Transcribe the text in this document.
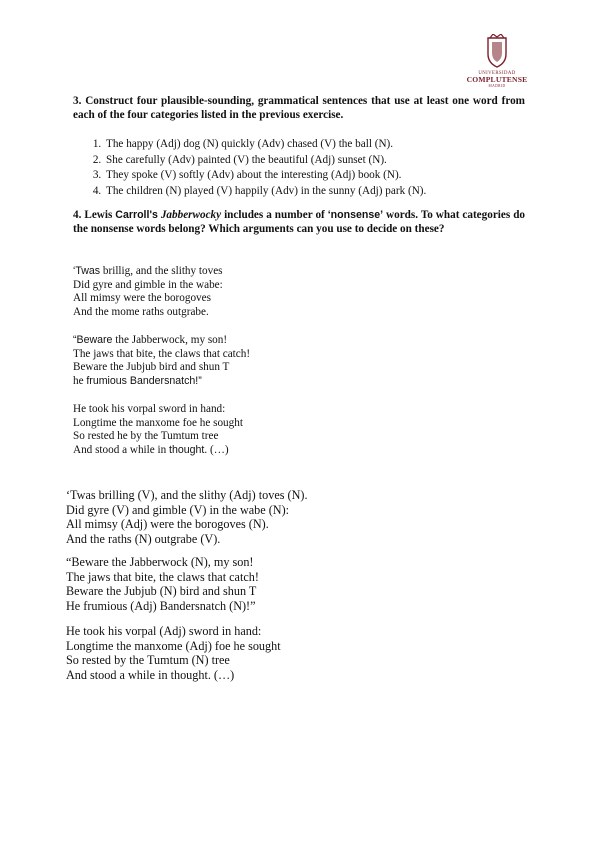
UNIVERSIDAD
COMPLUTENSE
MADRID
3. Construct four plausible-sounding, grammatical sentences that use at least one word from each of the four categories listed in the previous exercise.
1. The happy (Adj) dog (N) quickly (Adv) chased (V) the ball (N).
2. She carefully (Adv) painted (V) the beautiful (Adj) sunset (N).
3. They spoke (V) softly (Adv) about the interesting (Adj) book (N).
4. The children (N) played (V) happily (Adv) in the sunny (Adj) park (N).
4. Lewis Carroll's Jabberwocky includes a number of ‘nonsense’ words. To what categories do the nonsense words belong? Which arguments can you use to decide on these?
‘Twas brillig, and the slithy toves
Did gyre and gimble in the wabe:
All mimsy were the borogoves
And the mome raths outgrabe.
“Beware the Jabberwock, my son!
The jaws that bite, the claws that catch!
Beware the Jubjub bird and shun T
he frumious Bandersnatch!”
He took his vorpal sword in hand:
Longtime the manxome foe he sought
So rested he by the Tumtum tree
And stood a while in thought. (…)
‘Twas brilling (V), and the slithy (Adj) toves (N).
Did gyre (V) and gimble (V) in the wabe (N):
All mimsy (Adj) were the borogoves (N).
And the raths (N) outgrabe (V).
“Beware the Jabberwock (N), my son!
The jaws that bite, the claws that catch!
Beware the Jubjub (N) bird and shun T
He frumious (Adj) Bandersnatch (N)!”
He took his vorpal (Adj) sword in hand:
Longtime the manxome (Adj) foe he sought
So rested by the Tumtum (N) tree
And stood a while in thought. (…)
